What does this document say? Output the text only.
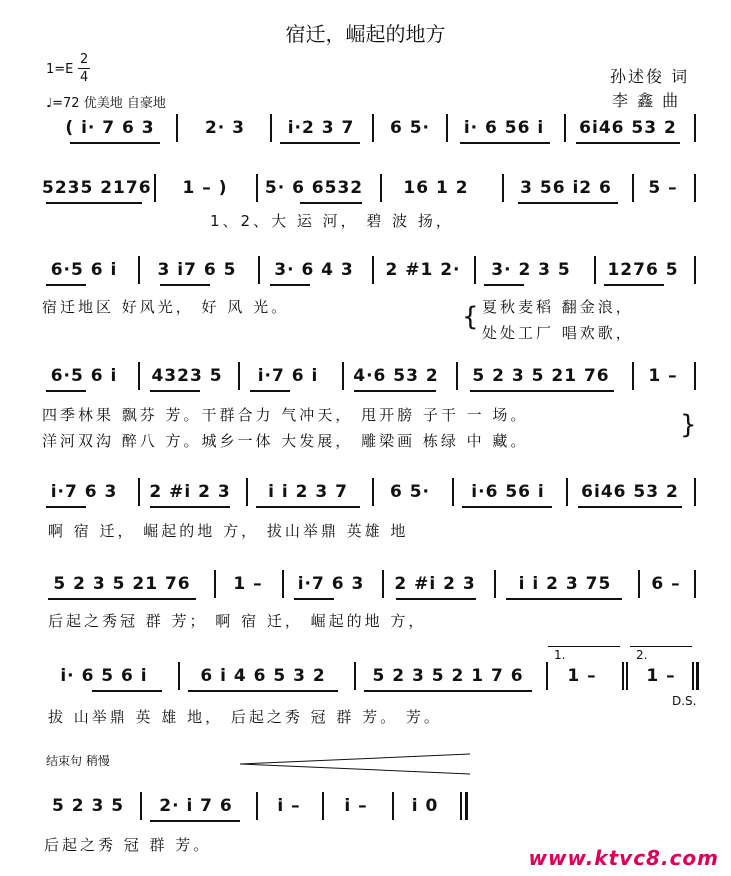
宿迁，崛起的地方
1=E
2
4
♩=72 优美地 自豪地
孙述俊 词
李 鑫 曲
( i· 7 6 3	2· 3	i·2 3 7	6 5·	i· 6 56 i	6i46 53 2
5235 2176	1 – )	5· 6 6532	16 1 2	3 56 i2 6	5 –
1、2、大 运 河， 碧 波 扬，
6·5 6 i	3 i7 6 5	3· 6 4 3	2 #1 2·	3· 2 3 5	1276 5
宿迁地区 好风光， 好 风 光。	{ 夏秋麦稻 翻金浪，
处处工厂 唱欢歌，
6·5 6 i	4323 5	i·7 6 i	4·6 53 2	5 2 3 5 21 76	1 –
四季林果 飘芬 芳。干群合力 气冲天， 甩开膀 子干 一 场。
洋河双沟 醉八 方。城乡一体 大发展， 雕梁画 栋绿 中 藏。
}
i·7 6 3	2 #i 2 3	i i 2 3 7	6 5·	i·6 56 i	6i46 53 2
啊 宿 迁， 崛起的地 方， 拔山举鼎 英雄 地
5 2 3 5 21 76	1 –	i·7 6 3	2 #i 2 3	i i 2 3 75	6 –
后起之秀冠 群 芳； 啊 宿 迁， 崛起的地 方，
i· 6 5 6 i	6 i 4 6 5 3 2	5 2 3 5 2 1 7 6	1 –	1 –
1.	2.
D.S.
拔 山举鼎 英 雄 地， 后起之秀 冠 群 芳。 芳。
结束句 稍慢
5 2 3 5	2· i 7 6	i –	i –	i 0
后起之秀 冠 群 芳。
www.ktvc8.com
